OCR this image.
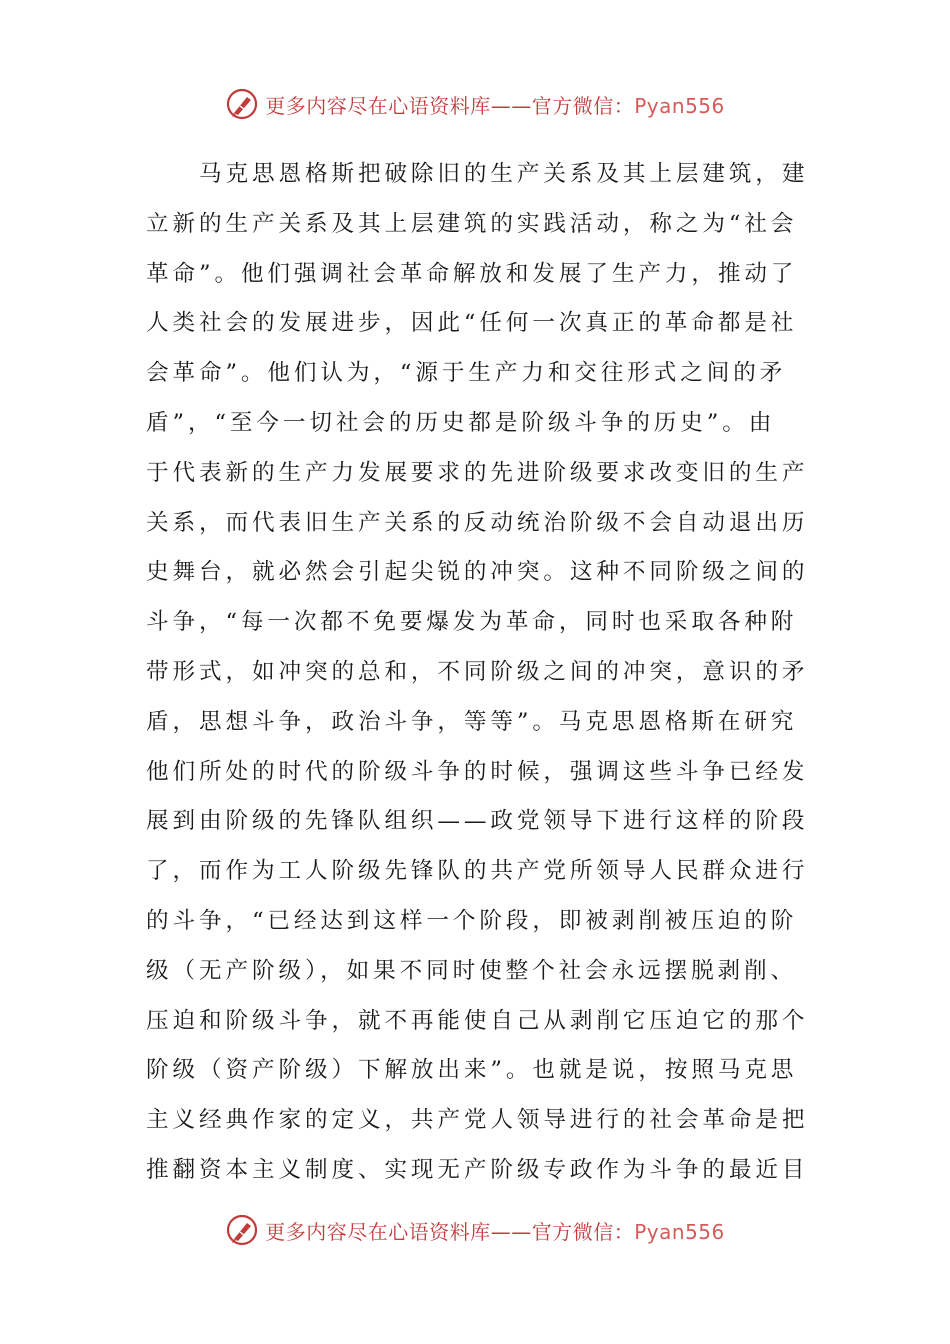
更多内容尽在心语资料库——官方微信：Pyan556
　　马克思恩格斯把破除旧的生产关系及其上层建筑，建
立新的生产关系及其上层建筑的实践活动，称之为“社会
革命”。他们强调社会革命解放和发展了生产力，推动了
人类社会的发展进步，因此“任何一次真正的革命都是社
会革命”。他们认为，“源于生产力和交往形式之间的矛
盾”，“至今一切社会的历史都是阶级斗争的历史”。由
于代表新的生产力发展要求的先进阶级要求改变旧的生产
关系，而代表旧生产关系的反动统治阶级不会自动退出历
史舞台，就必然会引起尖锐的冲突。这种不同阶级之间的
斗争，“每一次都不免要爆发为革命，同时也采取各种附
带形式，如冲突的总和，不同阶级之间的冲突，意识的矛
盾，思想斗争，政治斗争，等等”。马克思恩格斯在研究
他们所处的时代的阶级斗争的时候，强调这些斗争已经发
展到由阶级的先锋队组织——政党领导下进行这样的阶段
了，而作为工人阶级先锋队的共产党所领导人民群众进行
的斗争，“已经达到这样一个阶段，即被剥削被压迫的阶
级（无产阶级），如果不同时使整个社会永远摆脱剥削、
压迫和阶级斗争，就不再能使自己从剥削它压迫它的那个
阶级（资产阶级）下解放出来”。也就是说，按照马克思
主义经典作家的定义，共产党人领导进行的社会革命是把
推翻资本主义制度、实现无产阶级专政作为斗争的最近目
更多内容尽在心语资料库——官方微信：Pyan556
